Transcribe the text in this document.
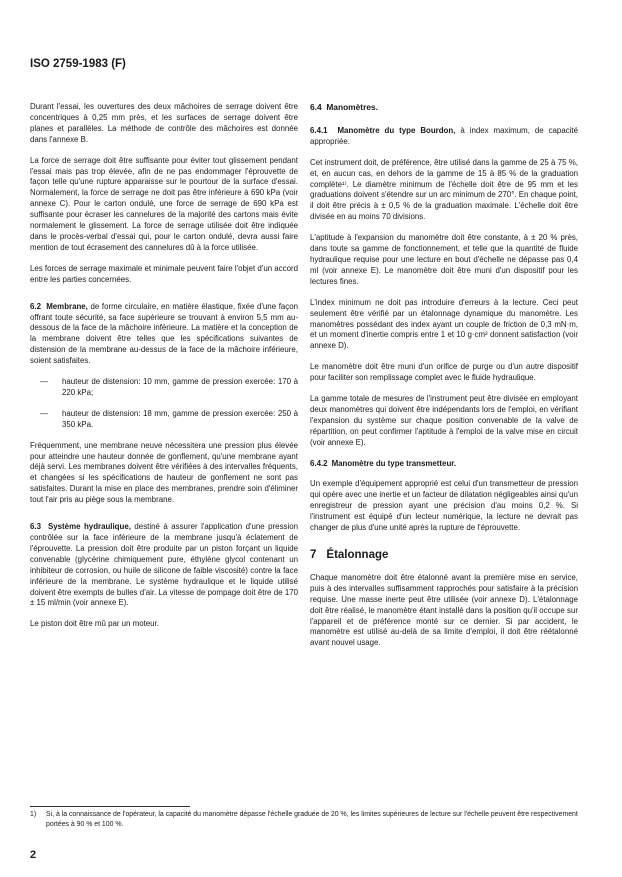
ISO 2759-1983 (F)

Durant l'essai, les ouvertures des deux mâchoires de serrage doivent être concentriques à 0,25 mm près, et les surfaces de serrage doivent être planes et parallèles. La méthode de contrôle des mâchoires est donnée dans l'annexe B.

La force de serrage doit être suffisante pour éviter tout glissement pendant l'essai mais pas trop élevée, afin de ne pas endommager l'éprouvette de façon telle qu'une rupture apparaisse sur le pourtour de la surface d'essai. Normalement, la force de serrage ne doit pas être inférieure à 690 kPa (voir annexe C). Pour le carton ondulé, une force de serrage de 690 kPa est suffisante pour écraser les cannelures de la majorité des cartons mais évite normalement le glissement. La force de serrage utilisée doit être indiquée dans le procès-verbal d'essai qui, pour le carton ondulé, devra aussi faire mention de tout écrasement des cannelures dû à la force utilisée.

Les forces de serrage maximale et minimale peuvent faire l'objet d'un accord entre les parties concernées.

6.2 Membrane, de forme circulaire, en matière élastique, fixée d'une façon offrant toute sécurité, sa face supérieure se trouvant à environ 5,5 mm au-dessous de la face de la mâchoire inférieure. La matière et la conception de la membrane doivent être telles que les spécifications suivantes de distension de la membrane au-dessus de la face de la mâchoire inférieure, soient satisfaites.

—	hauteur de distension: 10 mm, gamme de pression exercée: 170 à 220 kPa;
—	hauteur de distension: 18 mm, gamme de pression exercée: 250 à 350 kPa.

Fréquemment, une membrane neuve nécessitera une pression plus élevée pour atteindre une hauteur donnée de gonflement, qu'une membrane ayant déjà servi. Les membranes doivent être vérifiées à des intervalles fréquents, et changées si les spécifications de hauteur de gonflement ne sont pas satisfaites. Durant la mise en place des membranes, prendre soin d'éliminer tout l'air pris au piège sous la membrane.

6.3 Système hydraulique, destiné à assurer l'application d'une pression contrôlée sur la face inférieure de la membrane jusqu'à éclatement de l'éprouvette. La pression doit être produite par un piston forçant un liquide convenable (glycérine chimiquement pure, éthylène glycol contenant un inhibiteur de corrosion, ou huile de silicone de faible viscosité) contre la face inférieure de la membrane. Le système hydraulique et le liquide utilisé doivent être exempts de bulles d'air. La vitesse de pompage doit être de 170 ± 15 ml/min (voir annexe E).

Le piston doit être mû par un moteur.

6.4 Manomètres.

6.4.1 Manomètre du type Bourdon, à index maximum, de capacité appropriée.

Cet instrument doit, de préférence, être utilisé dans la gamme de 25 à 75 %, et, en aucun cas, en dehors de la gamme de 15 à 85 % de la graduation complète¹⁾. Le diamètre minimum de l'échelle doit être de 95 mm et les graduations doivent s'étendre sur un arc minimum de 270°. En chaque point, il doit être précis à ± 0,5 % de la graduation maximale. L'échelle doit être divisée en au moins 70 divisions.

L'aptitude à l'expansion du manomètre doit être constante, à ± 20 % près, dans toute sa gamme de fonctionnement, et telle que la quantité de fluide hydraulique requise pour une lecture en bout d'échelle ne dépasse pas 0,4 ml (voir annexe E). Le manomètre doit être muni d'un dispositif pour les lectures fines.

L'index minimum ne doit pas introduire d'erreurs à la lecture. Ceci peut seulement être vérifié par un étalonnage dynamique du manomètre. Les manomètres possédant des index ayant un couple de friction de 0,3 mN·m, et un moment d'inertie compris entre 1 et 10 g·cm² donnent satisfaction (voir annexe D).

Le manomètre doit être muni d'un orifice de purge ou d'un autre dispositif pour faciliter son remplissage complet avec le fluide hydraulique.

La gamme totale de mesures de l'instrument peut être divisée en employant deux manomètres qui doivent être indépendants lors de l'emploi, en vérifiant l'expansion du système sur chaque position convenable de la valve de répartition, on peut confirmer l'aptitude à l'emploi de la valve mise en circuit (voir annexe E).

6.4.2 Manomètre du type transmetteur.

Un exemple d'équipement approprié est celui d'un transmetteur de pression qui opère avec une inertie et un facteur de dilatation négligeables ainsi qu'un enregistreur de pression ayant une précision d'au moins 0,2 %. Si l'instrument est équipé d'un lecteur numérique, la lecture ne devrait pas changer de plus d'une unité après la rupture de l'éprouvette.

7 Étalonnage

Chaque manomètre doit être étalonné avant la première mise en service, puis à des intervalles suffisamment rapprochés pour satisfaire à la précision requise. Une masse inerte peut être utilisée (voir annexe D). L'étalonnage doit être réalisé, le manomètre étant installé dans la position qu'il occupe sur l'appareil et de préférence monté sur ce dernier. Si par accident, le manomètre est utilisé au-delà de sa limite d'emploi, il doit être réétalonné avant nouvel usage.

1)	Si, à la connaissance de l'opérateur, la capacité du manomètre dépasse l'échelle graduée de 20 %, les limites supérieures de lecture sur l'échelle peuvent être respectivement portées à 90 % et 100 %.
2
